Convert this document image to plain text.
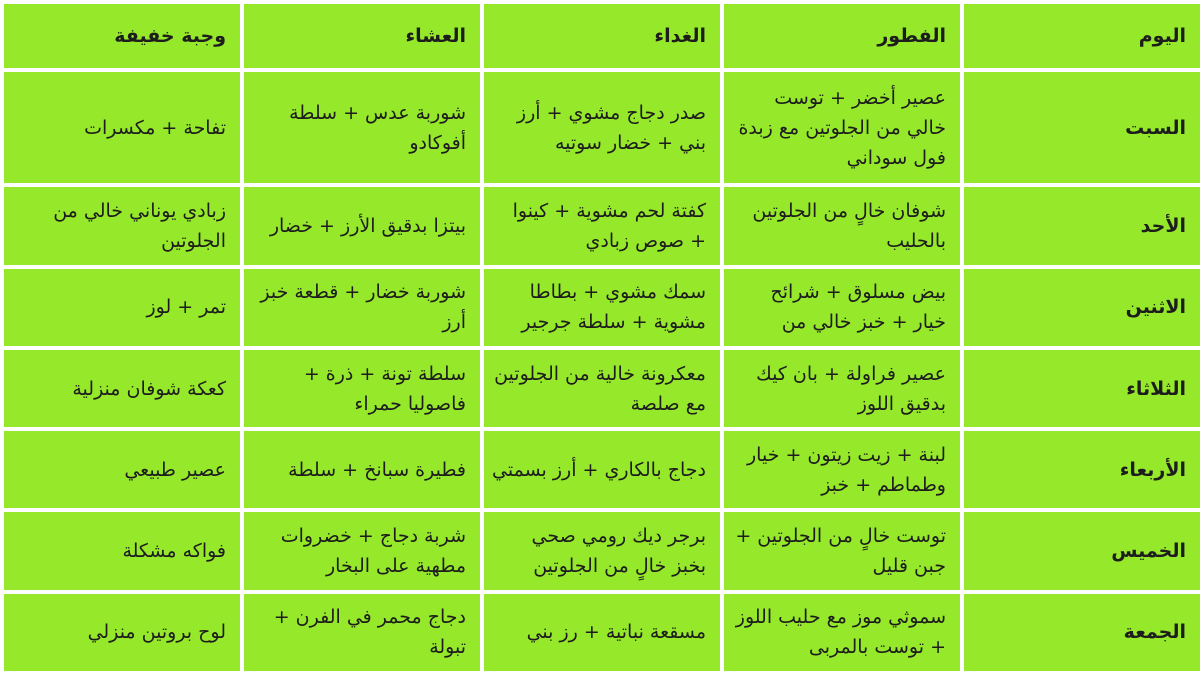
اليوم	الفطور	الغداء	العشاء	وجبة خفيفة
السبت	عصير أخضر + توست خالي من الجلوتين مع زبدة فول سوداني	صدر دجاج مشوي + أرز بني + خضار سوتيه	شوربة عدس + سلطة أفوكادو	تفاحة + مكسرات
الأحد	شوفان خالٍ من الجلوتين بالحليب	كفتة لحم مشوية + كينوا + صوص زبادي	بيتزا بدقيق الأرز + خضار	زبادي يوناني خالي من الجلوتين
الاثنين	بيض مسلوق + شرائح خيار + خبز خالي من	سمك مشوي + بطاطا مشوية + سلطة جرجير	شوربة خضار + قطعة خبز أرز	تمر + لوز
الثلاثاء	عصير فراولة + بان كيك بدقيق اللوز	معكرونة خالية من الجلوتين مع صلصة	سلطة تونة + ذرة + فاصوليا حمراء	كعكة شوفان منزلية
الأربعاء	لبنة + زيت زيتون + خيار وطماطم + خبز	دجاج بالكاري + أرز بسمتي	فطيرة سبانخ + سلطة	عصير طبيعي
الخميس	توست خالٍ من الجلوتين + جبن قليل	برجر ديك رومي صحي بخبز خالٍ من الجلوتين	شربة دجاج + خضروات مطهية على البخار	فواكه مشكلة
الجمعة	سموثي موز مع حليب اللوز + توست بالمربى	مسقعة نباتية + رز بني	دجاج محمر في الفرن + تبولة	لوح بروتين منزلي
